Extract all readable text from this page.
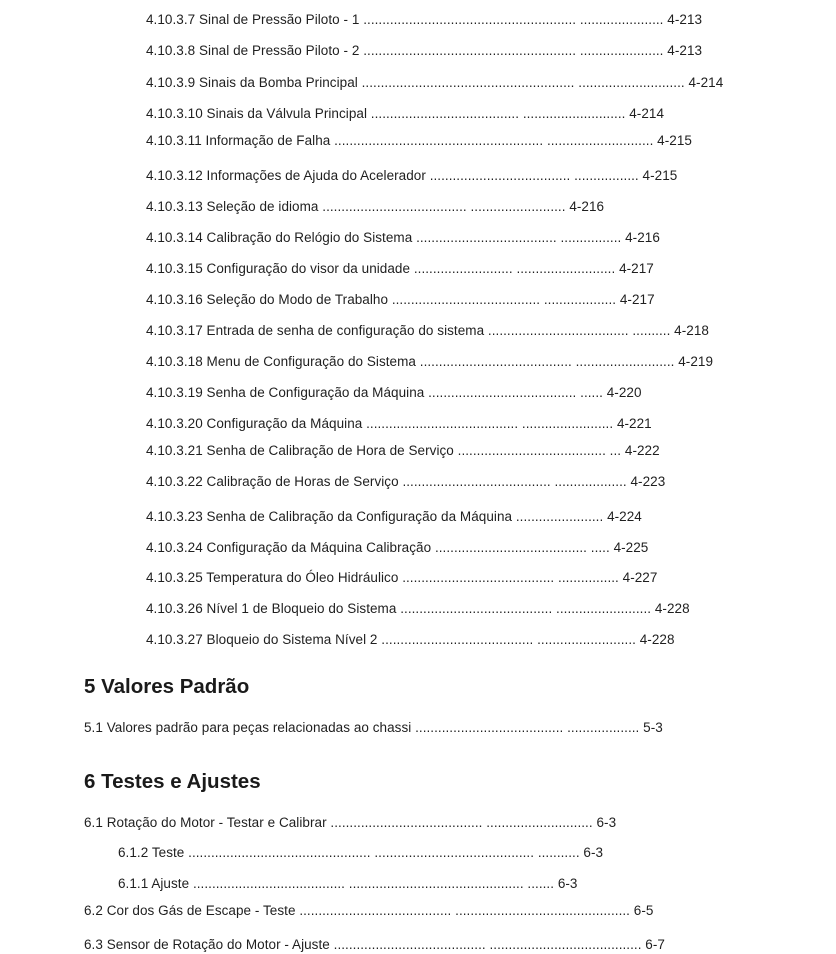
4.10.3.7 Sinal de Pressão Piloto - 1 ........................................................ ...................... 4-213
4.10.3.8 Sinal de Pressão Piloto - 2 ........................................................ ...................... 4-213
4.10.3.9 Sinais da Bomba Principal ........................................................ ............................ 4-214
4.10.3.10 Sinais da Válvula Principal ....................................... ........................... 4-214
4.10.3.11 Informação de Falha ....................................................... ............................ 4-215
4.10.3.12 Informações de Ajuda do Acelerador ..................................... ................. 4-215
4.10.3.13 Seleção de idioma ...................................... ......................... 4-216
4.10.3.14 Calibração do Relógio do Sistema ..................................... ................ 4-216
4.10.3.15 Configuração do visor da unidade .......................... .......................... 4-217
4.10.3.16 Seleção do Modo de Trabalho ....................................... ................... 4-217
4.10.3.17 Entrada de senha de configuração do sistema ..................................... .......... 4-218
4.10.3.18 Menu de Configuração do Sistema ........................................ .......................... 4-219
4.10.3.19 Senha de Configuração da Máquina ....................................... ...... 4-220
4.10.3.20 Configuração da Máquina ........................................ ........................ 4-221
4.10.3.21 Senha de Calibração de Hora de Serviço ....................................... ... 4-222
4.10.3.22 Calibração de Horas de Serviço ....................................... ................... 4-223
4.10.3.23 Senha de Calibração da Configuração da Máquina ....................... 4-224
4.10.3.24 Configuração da Máquina Calibração ........................................ ..... 4-225
4.10.3.25 Temperatura do Óleo Hidráulico ........................................ ................ 4-227
4.10.3.26 Nível 1 de Bloqueio do Sistema ........................................ ......................... 4-228
4.10.3.27 Bloqueio do Sistema Nível 2 ........................................ .......................... 4-228
5 Valores Padrão
5.1 Valores padrão para peças relacionadas ao chassi ....................................... ................... 5-3
6 Testes e Ajustes
6.1 Rotação do Motor - Testar e Calibrar ........................................ ............................ 6-3
6.1.2 Teste ................................................ .......................................... ........... 6-3
6.1.1 Ajuste ........................................ .............................................. ....... 6-3
6.2 Cor dos Gás de Escape - Teste ........................................ .............................................. 6-5
6.3 Sensor de Rotação do Motor - Ajuste ........................................ ........................................ 6-7
